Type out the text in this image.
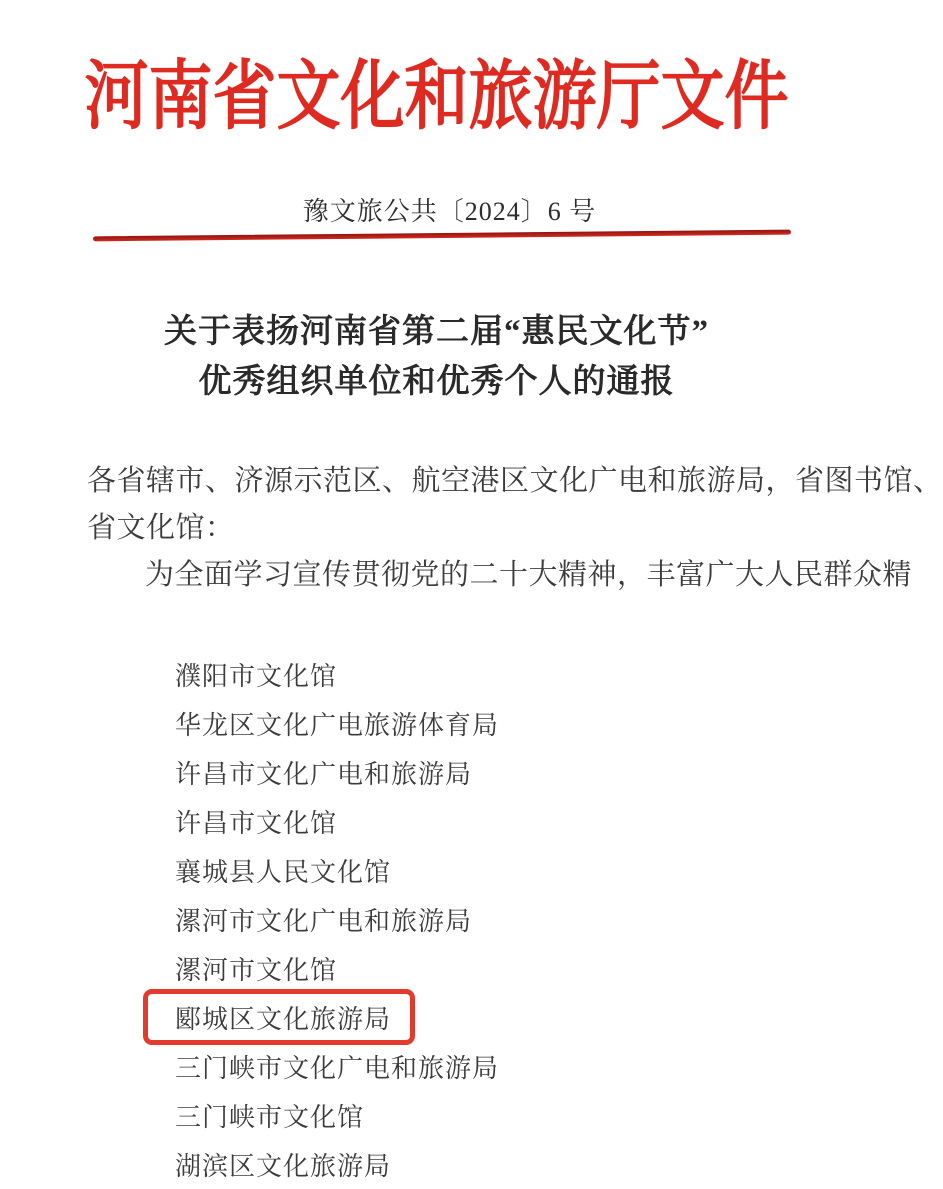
河南省文化和旅游厅文件
豫文旅公共〔2024〕6 号
关于表扬河南省第二届“惠民文化节”
优秀组织单位和优秀个人的通报
各省辖市、济源示范区、航空港区文化广电和旅游局，省图书馆、
省文化馆：
为全面学习宣传贯彻党的二十大精神，丰富广大人民群众精
濮阳市文化馆
华龙区文化广电旅游体育局
许昌市文化广电和旅游局
许昌市文化馆
襄城县人民文化馆
漯河市文化广电和旅游局
漯河市文化馆
郾城区文化旅游局
三门峡市文化广电和旅游局
三门峡市文化馆
湖滨区文化旅游局
